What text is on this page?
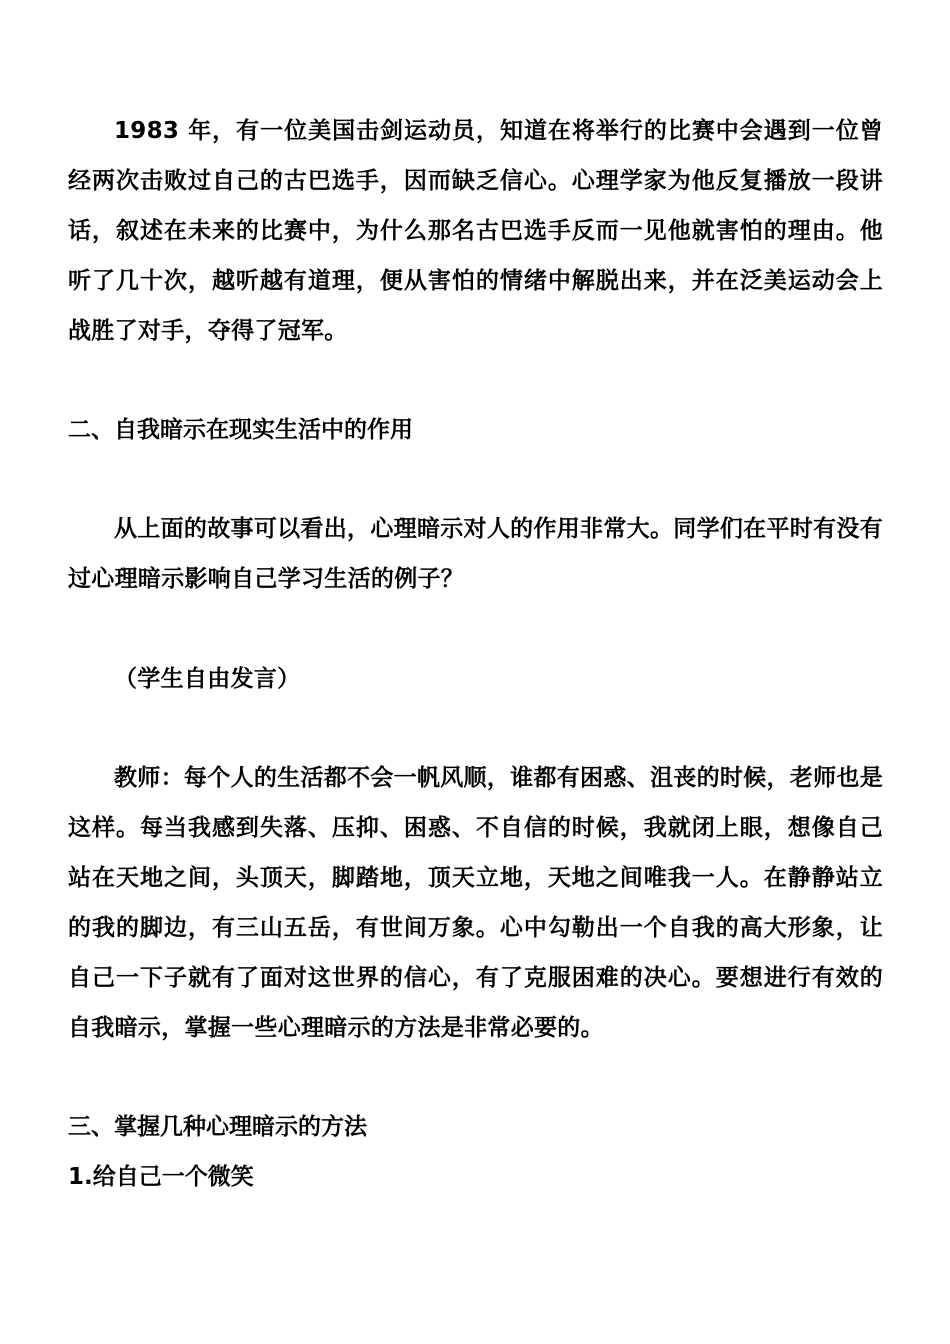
1983 年，有一位美国击剑运动员，知道在将举行的比赛中会遇到一位曾经两次击败过自己的古巴选手，因而缺乏信心。心理学家为他反复播放一段讲话，叙述在未来的比赛中，为什么那名古巴选手反而一见他就害怕的理由。他听了几十次，越听越有道理，便从害怕的情绪中解脱出来，并在泛美运动会上战胜了对手，夺得了冠军。

二、自我暗示在现实生活中的作用

从上面的故事可以看出，心理暗示对人的作用非常大。同学们在平时有没有过心理暗示影响自己学习生活的例子？

（学生自由发言）

教师：每个人的生活都不会一帆风顺，谁都有困惑、沮丧的时候，老师也是这样。每当我感到失落、压抑、困惑、不自信的时候，我就闭上眼，想像自己站在天地之间，头顶天，脚踏地，顶天立地，天地之间唯我一人。在静静站立的我的脚边，有三山五岳，有世间万象。心中勾勒出一个自我的高大形象，让自己一下子就有了面对这世界的信心，有了克服困难的决心。要想进行有效的自我暗示，掌握一些心理暗示的方法是非常必要的。

三、掌握几种心理暗示的方法
1.给自己一个微笑
